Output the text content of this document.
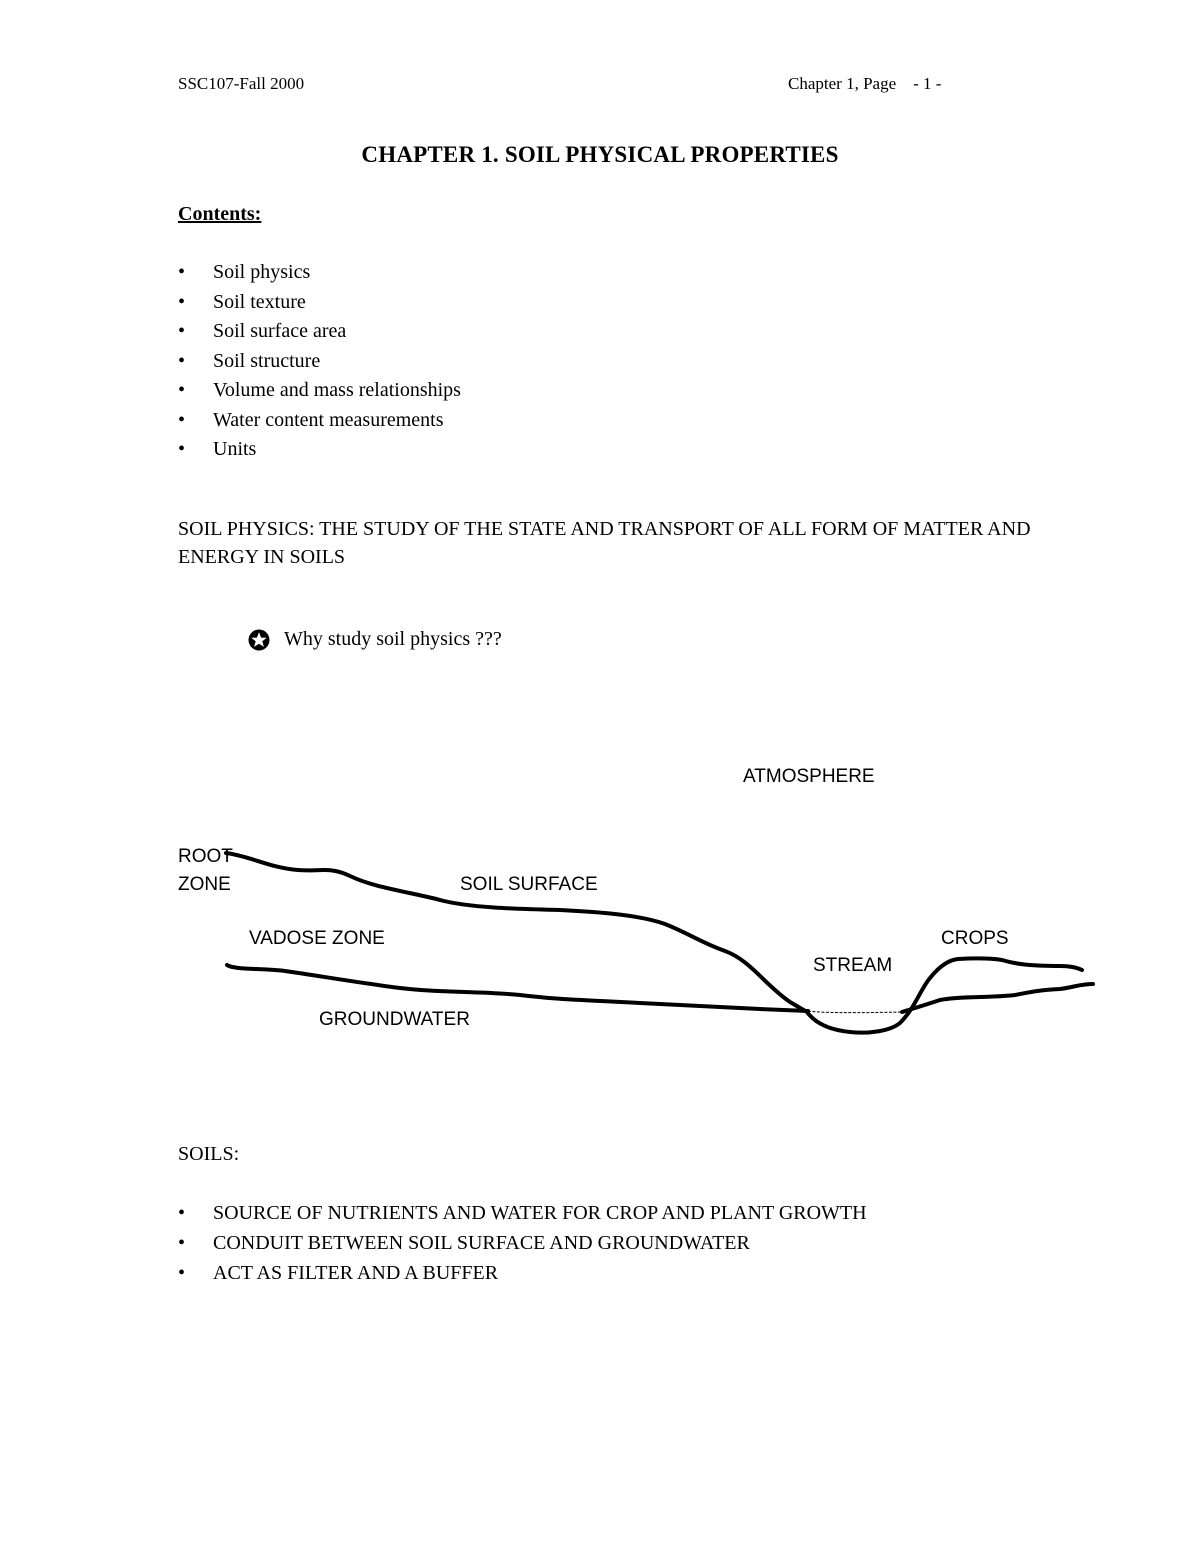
SSC107-Fall 2000	Chapter 1, Page    - 1 -
CHAPTER 1. SOIL PHYSICAL PROPERTIES
Contents:
• Soil physics
• Soil texture
• Soil surface area
• Soil structure
• Volume and mass relationships
• Water content measurements
• Units
SOIL PHYSICS: THE STUDY OF THE STATE AND TRANSPORT OF ALL FORM OF MATTER AND ENERGY IN SOILS
Why study soil physics ???
ATMOSPHERE
ROOT
ZONE	SOIL SURFACE
VADOSE ZONE	CROPS
STREAM
GROUNDWATER
SOILS:
• SOURCE OF NUTRIENTS AND WATER FOR CROP AND PLANT GROWTH
• CONDUIT BETWEEN SOIL SURFACE AND GROUNDWATER
• ACT AS FILTER AND A BUFFER
